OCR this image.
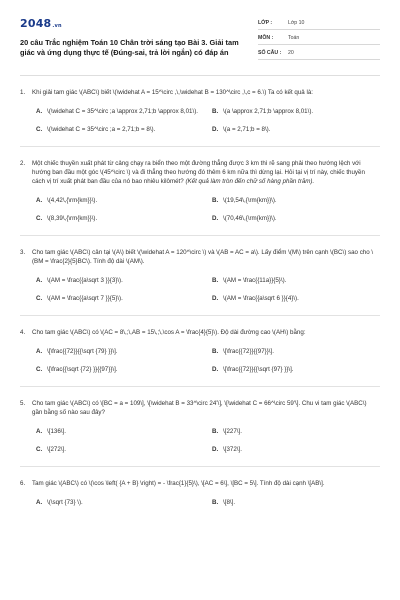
2048.vn
20 câu Trắc nghiệm Toán 10 Chân trời sáng tạo Bài 3. Giải tam giác và ứng dụng thực tế (Đúng-sai, trả lời ngắn) có đáp án
LỚP :	Lớp 10
MÔN :	Toán
SỐ CÂU :	20
1.	Khi giải tam giác \(ABC\) biết \(\widehat A = 15^\circ ,\,\widehat B = 130^\circ ,\,c = 6.\) Ta có kết quả là:
A. \(\widehat C = 35^\circ ;a \approx 2,71;b \approx 8,01\).	B. \(a \approx 2,71;b \approx 8,01\).
C. \(\widehat C = 35^\circ ;a = 2,71;b = 8\).	D. \(a = 2,71;b = 8\).
2.	Một chiếc thuyền xuất phát từ cảng chạy ra biển theo một đường thẳng được 3 km thì rẽ sang phải theo hướng lệch với hướng ban đầu một góc \(45^\circ \) và đi thẳng theo hướng đó thêm 6 km nữa thì dừng lại. Hỏi tại vị trí này, chiếc thuyền cách vị trí xuất phát ban đầu của nó bao nhiêu kilômét? (Kết quả làm tròn đến chữ số hàng phần trăm).
A. \(4,42\,{\rm{km}}\).	B. \(19,54\,{\rm{km}}\).
C. \(8,39\,{\rm{km}}\).	D. \(70,46\,{\rm{km}}\).
3.	Cho tam giác \(ABC\) cân tại \(A\) biết \(\widehat A = 120^\circ \) và \(AB = AC = a\). Lấy điểm \(M\) trên cạnh \(BC\) sao cho \(BM = \frac{2}{5}BC\). Tính độ dài \(AM\).
A. \(AM = \frac{{a\sqrt 3 }}{3}\).	B. \(AM = \frac{{11a}}{5}\).
C. \(AM = \frac{{a\sqrt 7 }}{5}\).	D. \(AM = \frac{{a\sqrt 6 }}{4}\).
4.	Cho tam giác \(ABC\) có \(AC = 8\,;\,AB = 15\,;\,\cos A = \frac{4}{5}\). Độ dài đường cao \(AH\) bằng:
A. \[\frac{{72}}{{\sqrt {79} }}\].	B. \[\frac{{72}}{{97}}\].
C. \[\frac{{\sqrt {72} }}{{97}}\].	D. \[\frac{{72}}{{\sqrt {97} }}\].
5.	Cho tam giác \(ABC\) có \[BC = a = 109\], \[\widehat B = 33^\circ 24'\], \[\widehat C = 66^\circ 59'\]. Chu vi tam giác \(ABC\) gần bằng số nào sau đây?
A. \[136\].	B. \[227\].
C. \[272\].	D. \[372\].
6.	Tam giác \(ABC\) có \(\cos \left( {A + B} \right) = - \frac{1}{5}\), \[AC = 6\], \[BC = 5\]. Tính độ dài cạnh \[AB\].
A. \(\sqrt {73} \).	B. \[8\].
